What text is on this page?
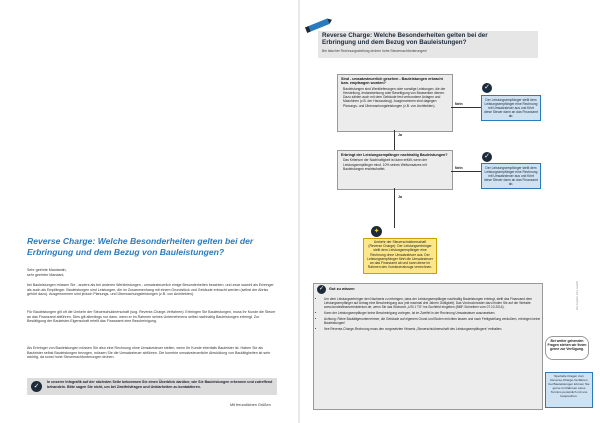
Reverse Charge: Welche Besonderheiten gelten bei der Erbringung und dem Bezug von Bauleistungen?

Sehr geehrte Mandantin,
sehr geehrter Mandant,

bei Bauleistungen müssen Sie - anders als bei anderen Werkleistungen - umsatzsteuerlich einige Besonderheiten beachten, und zwar sowohl als Erbringer als auch als Empfänger. Bauleistungen sind Leistungen, die im Zusammenhang mit einem Grundstück und Gebäude erbracht werden (selbst der Abriss gehört dazu). Ausgenommen sind jedoch Planungs- und Überwachungsleistungen (z.B. von Architekten).

Für Bauleistungen gilt oft die Umkehr der Steuerschuldnerschaft (sog. Reverse-Charge-Verfahren): Erbringen Sie Bauleistungen, muss Ihr Kunde die Steuer an das Finanzamt abführen. Dies gilt allerdings nur dann, wenn er im Rahmen seines Unternehmens selbst nachhaltig Bauleistungen erbringt. Zur Bestätigung der Bauleister-Eigenschaft erteilt das Finanzamt eine Bescheinigung.

Als Erbringer von Bauleistungen müssen Sie also eine Rechnung ohne Umsatzsteuer stellen, wenn Ihr Kunde ebenfalls Bauleister ist. Haben Sie als Bauleister selbst Bauleistungen bezogen, müssen Sie die Umsatzsteuer abführen. Die korrekte umsatzsteuerliche Abwicklung von Bautätigkeiten ist sehr wichtig, da sonst hohe Steuernachforderungen drohen.

✓
In unserer Infografik auf der nächsten Seite bekommen Sie einen Überblick darüber, wie Sie Bauleistungen erkennen und zutreffend behandeln. Bitte sagen Sie nicht, um bei Zweifelsfragen und Unklarheiten zu kontaktieren.
Mit freundlichen Grüßen
Reverse Charge: Welche Besonderheiten gelten bei der Erbringung und dem Bezug von Bauleistungen?
Bei falscher Rechnungsstellung drohen hohe Steuernachforderungen!
Sind - umsatzsteuerlich gesehen - Bauleistungen erbracht bzw. empfangen worden?
Bauleistungen sind Werklieferungen oder sonstige Leistungen, die der Herstellung, Instandsetzung oder Beseitigung von Bauwerken dienen. Dazu zählen auch mit dem Gebäude fest verbundene Anlagen und Maschinen (z.B. der Hausaufzug). Ausgenommen sind dagegen Planungs- und Überwachungsleistungen (z.B. von Architekten).	Nein
✓
Der Leistungsempfänger stellt dem Leistungsempfänger eine Rechnung mit Umsatzsteuer aus und führt diese Steuer dann an das Finanzamt ab.
Ja
Erbringt der Leistungsempfänger nachhaltig Bauleistungen?
Das Kriterium der Nachhaltigkeit ist dann erfüllt, wenn der Leistungsempfänger mind. 10% seines Weltumsatzes mit Bauleistungen erwirtschaftet.	Nein
✓
Der Leistungsempfänger stellt dem Leistungsempfänger eine Rechnung mit Umsatzsteuer aus und führt diese Steuer dann an das Finanzamt ab.
Ja
✦
Umkehr der Steuerschuldnerschaft (Reverse Charge): Der Leistungserbringer stellt dem Leistungsempfänger eine Rechnung ohne Umsatzsteuer aus. Der Leistungsempfänger führt die Umsatzsteuer an das Finanzamt ab und kann diese im Rahmen des Vorsteuerabzugs verrechnen.
✓	Gut zu wissen
• Um dem Leistungserbringer den Nachweis zu erbringen, dass der Leistungsempfänger nachhaltig Bauleistungen erbringt, stellt das Finanzamt dem Leistungsempfänger auf Antrag eine Bescheinigung aus (mit maximal drei Jahren Gültigkeit). Das Vordruckmuster dazu finden Sie auf der Website www.bundesfinanzministerium.de, wenn Sie das Stichwort „USt 1 TG“ ins Suchfeld eingeben (BMF-Schreiben vom 07.10.2014).
• Kann der Leistungsempfänger keine Bescheinigung vorlegen, ist im Zweifel in der Rechnung Umsatzsteuer auszuweisen.
• Achtung: Reine Bautätigerunternehmer, die Gebäude auf eigenem Grund und Boden errichten lassen und nach Fertigstellung veräußern, erbringen keine Bauleistungen!
• Ihre Reverse-Charge-Rechnung muss den vorgesetzten Hinweis „Steuerschuldnerschaft des Leistungsempfängers“ enthalten.
Bei weiter gehenden Fragen stehen wir Ihnen gerne zur Verfügung.
Spezielle Fragen zum Reverse-Charge-Verfahren bei Bauleistungen können Sie gerne im Rahmen eines Termins persönlich mit uns besprechen.
Alle Angaben ohne Gewähr
